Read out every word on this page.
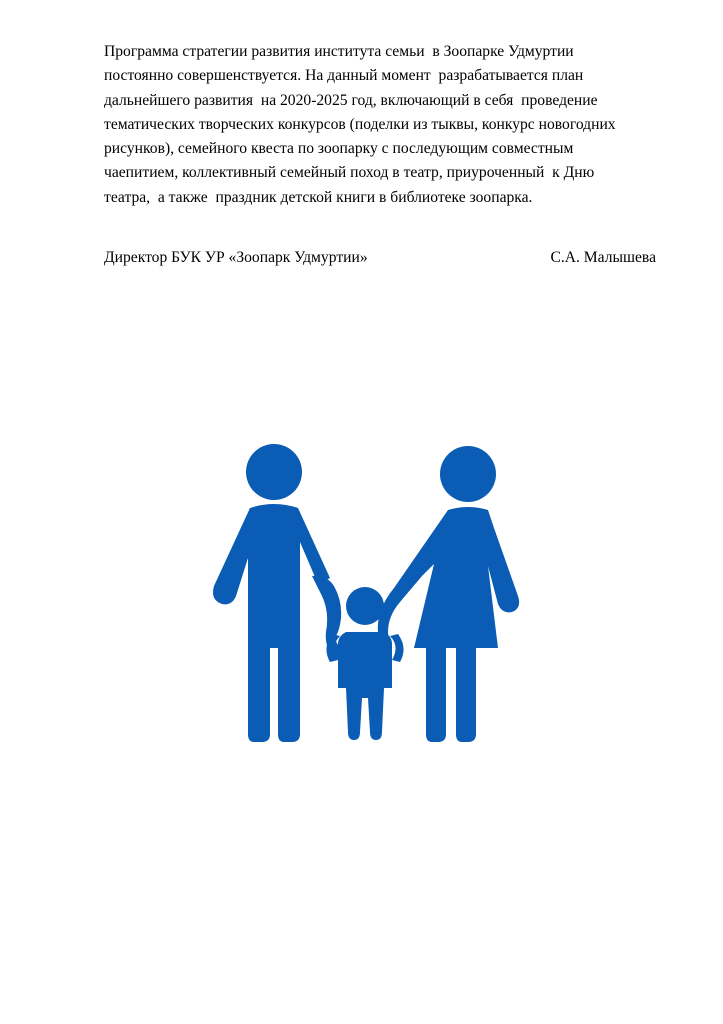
Программа стратегии развития института семьи  в Зоопарке Удмуртии
постоянно совершенствуется. На данный момент  разрабатывается план
дальнейшего развития  на 2020-2025 год, включающий в себя  проведение
тематических творческих конкурсов (поделки из тыквы, конкурс новогодних
рисунков), семейного квеста по зоопарку с последующим совместным
чаепитием, коллективный семейный поход в театр, приуроченный  к Дню
театра,  а также  праздник детской книги в библиотеке зоопарка.
Директор БУК УР «Зоопарк Удмуртии»	С.А. Малышева
